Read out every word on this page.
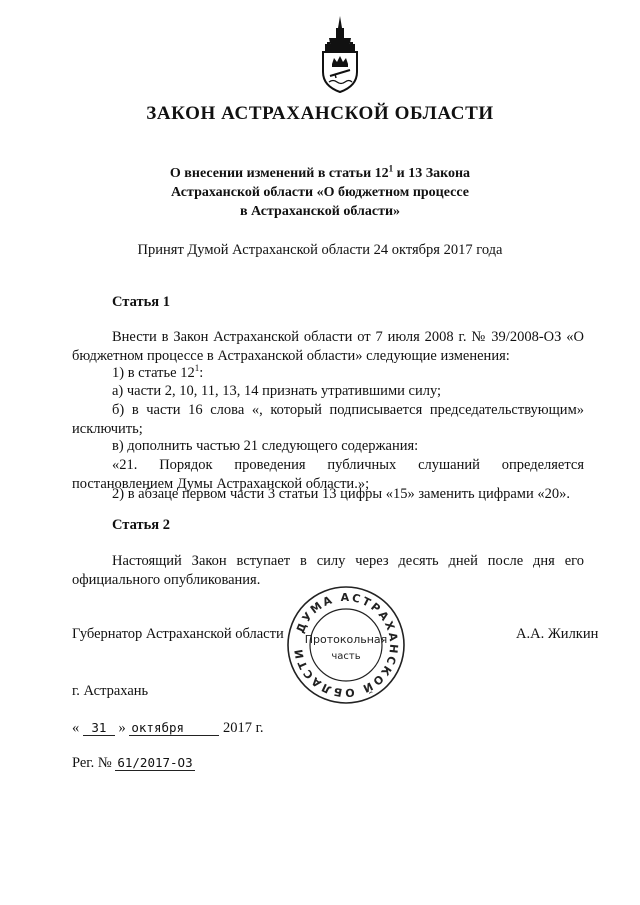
ЗАКОН АСТРАХАНСКОЙ ОБЛАСТИ
О внесении изменений в статьи $12^1$ и 13 Закона
Астраханской области «О бюджетном процессе
в Астраханской области»
Принят Думой Астраханской области 24 октября 2017 года
Статья 1
Внести в Закон Астраханской области от 7 июля 2008 г. № 39/2008-ОЗ «О бюджетном процессе в Астраханской области» следующие изменения:
1) в статье $12^1$:
а) части 2, 10, 11, 13, 14 признать утратившими силу;
б) в части 16 слова «, который подписывается председательствующим» исключить;
в) дополнить частью 21 следующего содержания:
«21. Порядок проведения публичных слушаний определяется постановлением Думы Астраханской области.»;
2) в абзаце первом части 3 статьи 13 цифры «15» заменить цифрами «20».
Статья 2
Настоящий Закон вступает в силу через десять дней после дня его официального опубликования.
Губернатор Астраханской области	А.А. Жилкин
ДУМА АСТРАХАНСКОЙ ОБЛАСТИ
Протокольная
часть
г. Астрахань
« 31 » октября	2017 г.
Рег. № 61/2017-ОЗ
